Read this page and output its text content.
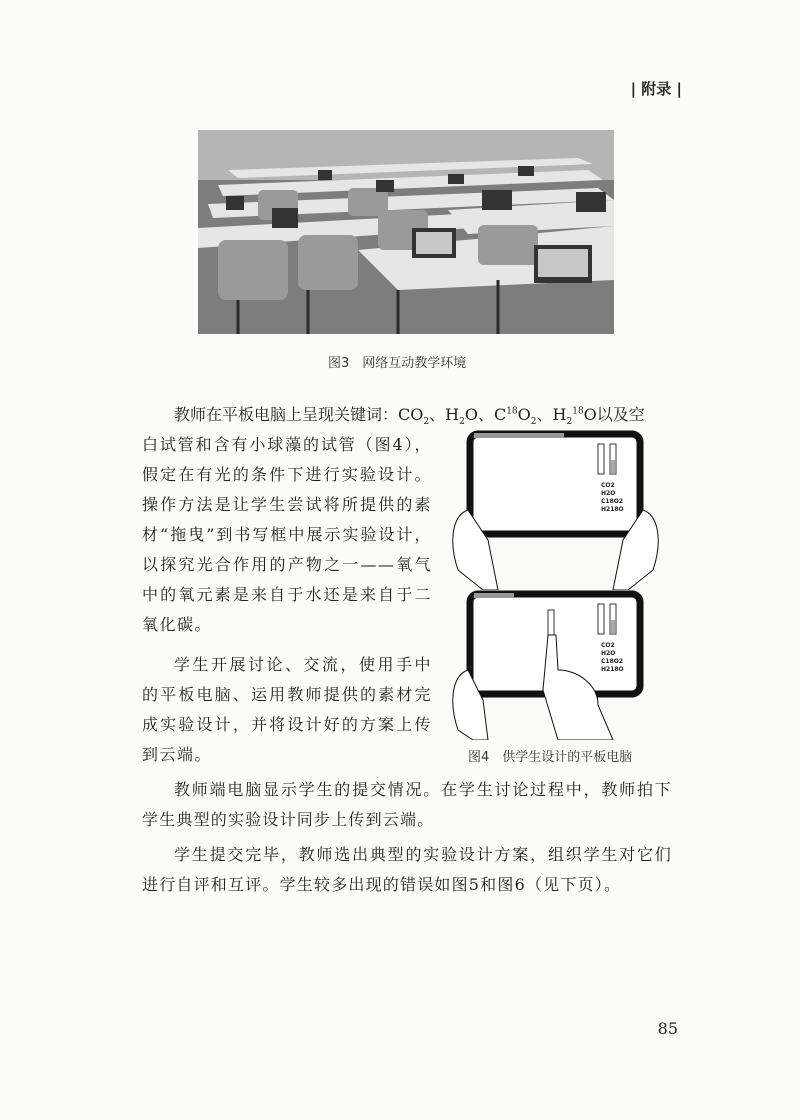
| 附录 |
图3　网络互动教学环境
教师在平板电脑上呈现关键词：$CO_2$、$H_2O$、$C^{18}O_2$、$H_2^{18}O$以及空

白试管和含有小球藻的试管（图4），假定在有光的条件下进行实验设计。操作方法是让学生尝试将所提供的素材“拖曳”到书写框中展示实验设计，以探究光合作用的产物之一——氧气中的氧元素是来自于水还是来自于二氧化碳。

学生开展讨论、交流，使用手中的平板电脑、运用教师提供的素材完成实验设计，并将设计好的方案上传到云端。

CO2
H2O
C18O2
H218O
CO2
H2O
C18O2
H218O
图4　供学生设计的平板电脑

教师端电脑显示学生的提交情况。在学生讨论过程中，教师拍下学生典型的实验设计同步上传到云端。

学生提交完毕，教师选出典型的实验设计方案，组织学生对它们进行自评和互评。学生较多出现的错误如图5和图6（见下页）。

85
